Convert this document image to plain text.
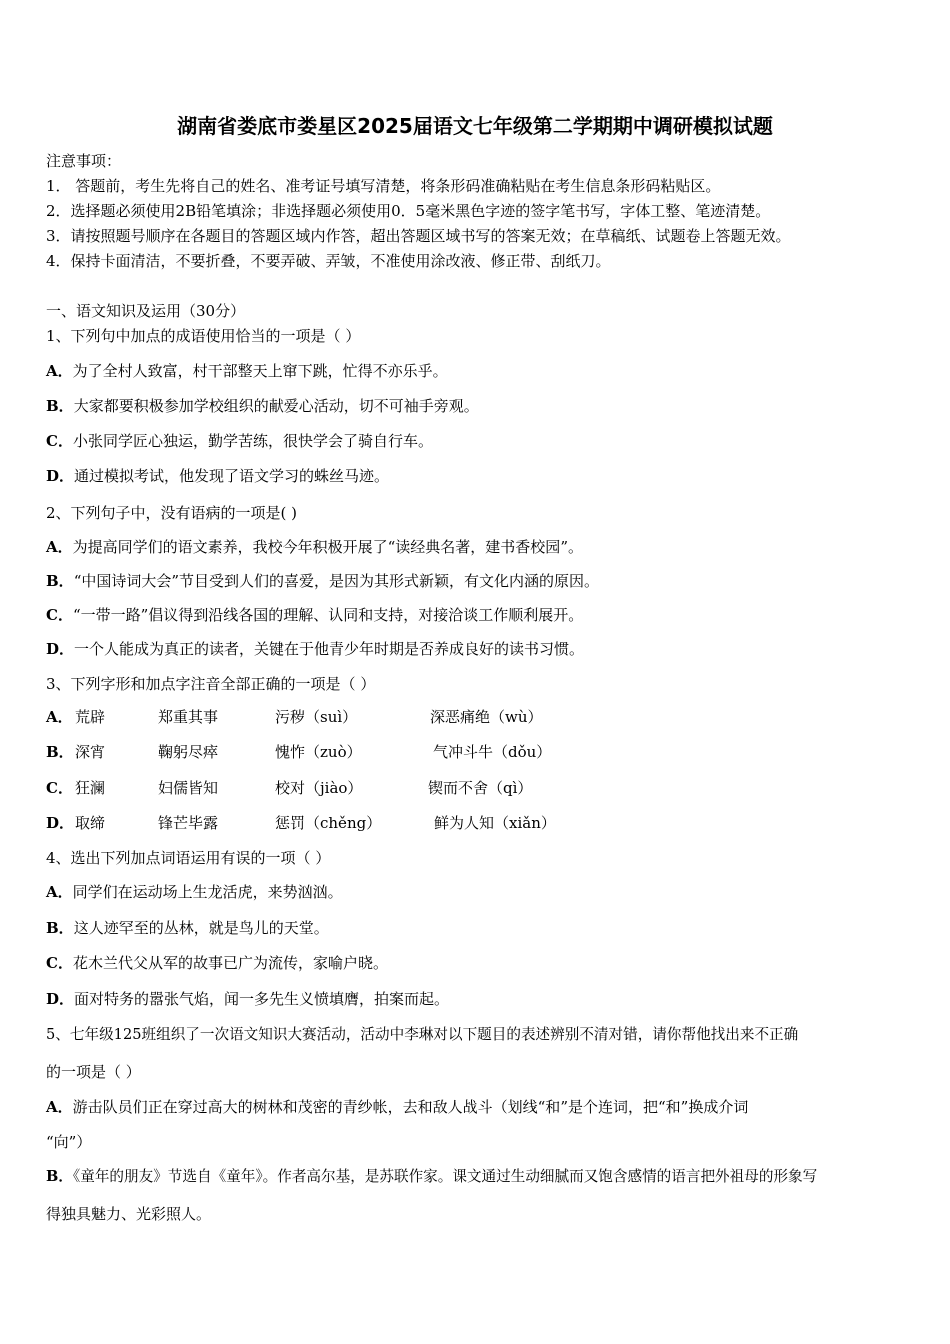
湖南省娄底市娄星区2025届语文七年级第二学期期中调研模拟试题
注意事项：
1． 答题前，考生先将自己的姓名、准考证号填写清楚，将条形码准确粘贴在考生信息条形码粘贴区。
2．选择题必须使用2B铅笔填涂；非选择题必须使用0．5毫米黑色字迹的签字笔书写，字体工整、笔迹清楚。
3．请按照题号顺序在各题目的答题区域内作答，超出答题区域书写的答案无效；在草稿纸、试题卷上答题无效。
4．保持卡面清洁，不要折叠，不要弄破、弄皱，不准使用涂改液、修正带、刮纸刀。
一、语文知识及运用（30分）
1、下列句中加点的成语使用恰当的一项是（ ）
A．为了全村人致富，村干部整天上窜下跳，忙得不亦乐乎。
B．大家都要积极参加学校组织的献爱心活动，切不可袖手旁观。
C．小张同学匠心独运，勤学苦练，很快学会了骑自行车。
D．通过模拟考试，他发现了语文学习的蛛丝马迹。
2、下列句子中，没有语病的一项是( )
A．为提高同学们的语文素养，我校今年积极开展了“读经典名著，建书香校园”。
B．“中国诗词大会”节目受到人们的喜爱，是因为其形式新颖，有文化内涵的原因。
C．“一带一路”倡议得到沿线各国的理解、认同和支持，对接洽谈工作顺利展开。
D．一个人能成为真正的读者，关键在于他青少年时期是否养成良好的读书习惯。
3、下列字形和加点字注音全部正确的一项是（ ）
A． 荒辟	郑重其事	污秽（suì）	深恶痛绝（wù）
B． 深宵	鞠躬尽瘁	愧怍（zuò）	气冲斗牛（dǒu）
C． 狂澜	妇儒皆知	校对（jiào）	锲而不舍（qì）
D． 取缔	锋芒毕露	惩罚（chěng）	鲜为人知（xiǎn）
4、选出下列加点词语运用有误的一项（ ）
A．同学们在运动场上生龙活虎，来势汹汹。
B．这人迹罕至的丛林，就是鸟儿的天堂。
C．花木兰代父从军的故事已广为流传，家喻户晓。
D．面对特务的嚣张气焰，闻一多先生义愤填膺，拍案而起。
5、七年级125班组织了一次语文知识大赛活动，活动中李琳对以下题目的表述辨别不清对错，请你帮他找出来不正确
的一项是（ ）
A．游击队员们正在穿过高大的树林和茂密的青纱帐，去和敌人战斗（划线“和”是个连词，把“和”换成介词
“向”）
B．《童年的朋友》节选自《童年》。作者高尔基，是苏联作家。课文通过生动细腻而又饱含感情的语言把外祖母的形象写
得独具魅力、光彩照人。
